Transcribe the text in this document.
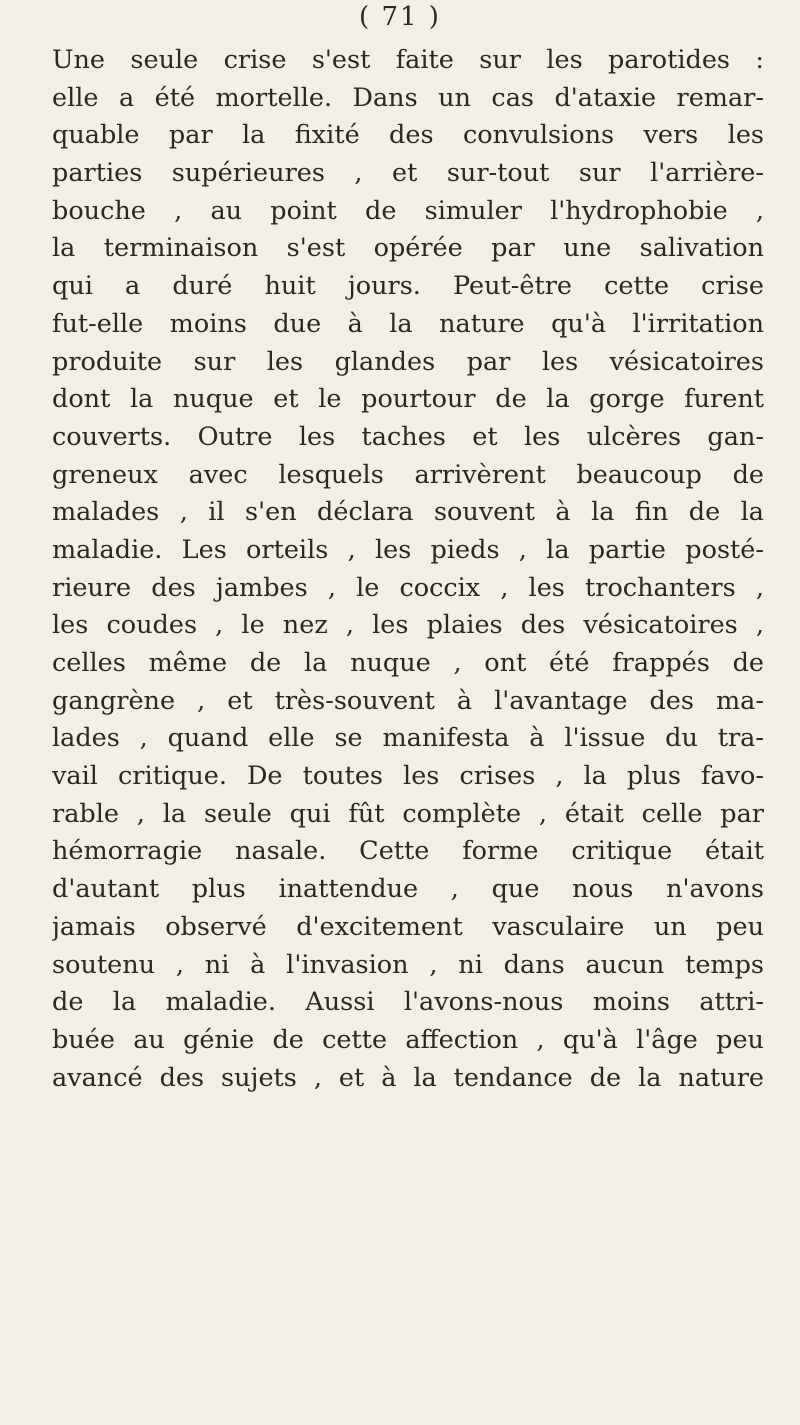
( 71 )
Une seule crise s'est faite sur les parotides :
elle a été mortelle. Dans un cas d'ataxie remar-
quable par la fixité des convulsions vers les
parties supérieures , et sur-tout sur l'arrière-
bouche , au point de simuler l'hydrophobie ,
la terminaison s'est opérée par une salivation
qui a duré huit jours. Peut-être cette crise
fut-elle moins due à la nature qu'à l'irritation
produite sur les glandes par les vésicatoires
dont la nuque et le pourtour de la gorge furent
couverts. Outre les taches et les ulcères gan-
greneux avec lesquels arrivèrent beaucoup de
malades , il s'en déclara souvent à la fin de la
maladie. Les orteils , les pieds , la partie posté-
rieure des jambes , le coccix , les trochanters ,
les coudes , le nez , les plaies des vésicatoires ,
celles même de la nuque , ont été frappés de
gangrène , et très-souvent à l'avantage des ma-
lades , quand elle se manifesta à l'issue du tra-
vail critique. De toutes les crises , la plus favo-
rable , la seule qui fût complète , était celle par
hémorragie nasale. Cette forme critique était
d'autant plus inattendue , que nous n'avons
jamais observé d'excitement vasculaire un peu
soutenu , ni à l'invasion , ni dans aucun temps
de la maladie. Aussi l'avons-nous moins attri-
buée au génie de cette affection , qu'à l'âge peu
avancé des sujets , et à la tendance de la nature
